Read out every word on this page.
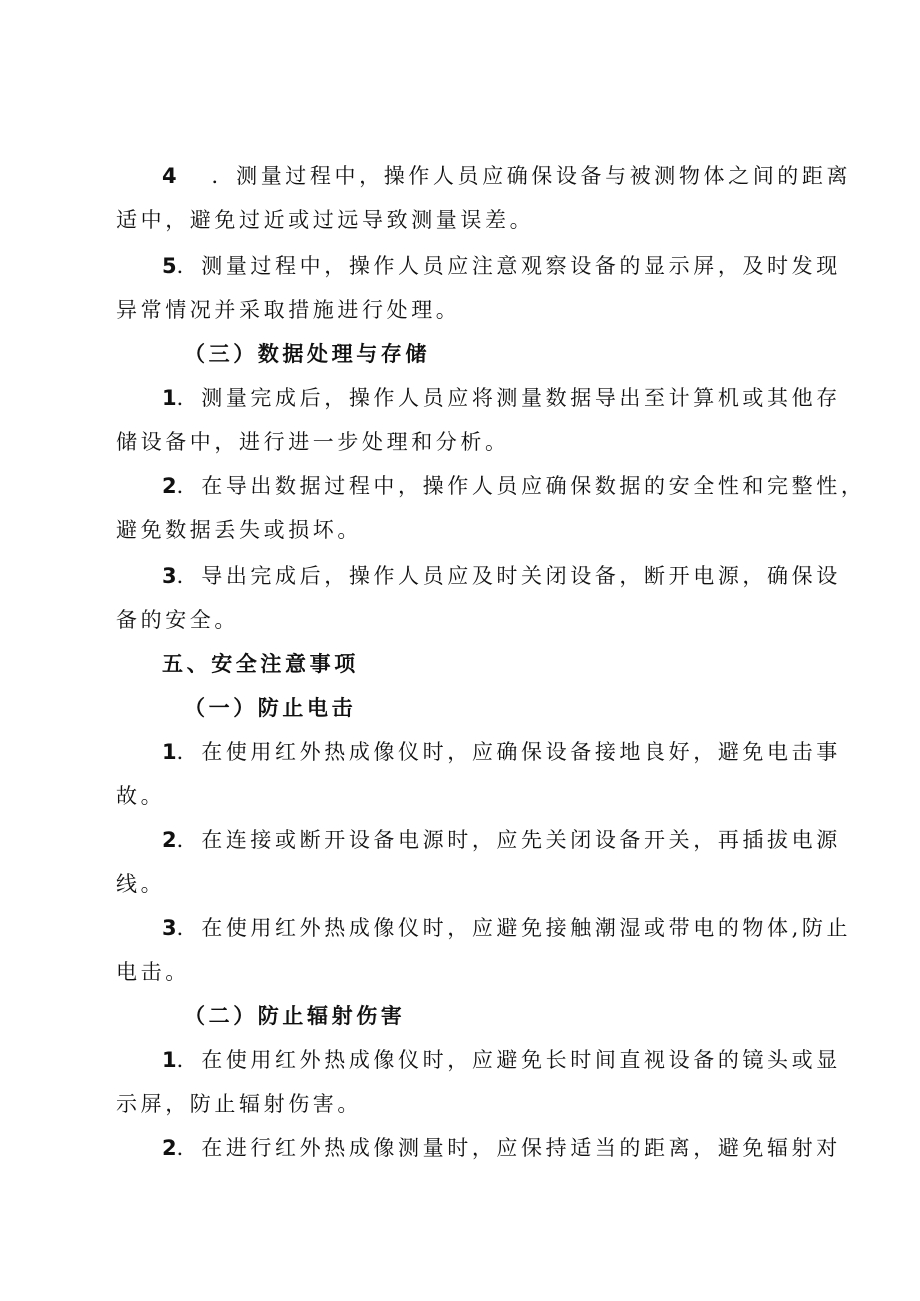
4　 ．测量过程中，操作人员应确保设备与被测物体之间的距离
适中，避免过近或过远导致测量误差。
5．测量过程中，操作人员应注意观察设备的显示屏，及时发现
异常情况并采取措施进行处理。
（三）数据处理与存储
1．测量完成后，操作人员应将测量数据导出至计算机或其他存
储设备中，进行进一步处理和分析。
2．在导出数据过程中，操作人员应确保数据的安全性和完整性，
避免数据丢失或损坏。
3．导出完成后，操作人员应及时关闭设备，断开电源，确保设
备的安全。
五、安全注意事项
（一）防止电击
1．在使用红外热成像仪时，应确保设备接地良好，避免电击事
故。
2．在连接或断开设备电源时，应先关闭设备开关，再插拔电源
线。
3．在使用红外热成像仪时，应避免接触潮湿或带电的物体,防止
电击。
（二）防止辐射伤害
1．在使用红外热成像仪时，应避免长时间直视设备的镜头或显
示屏，防止辐射伤害。
2．在进行红外热成像测量时，应保持适当的距离，避免辐射对
